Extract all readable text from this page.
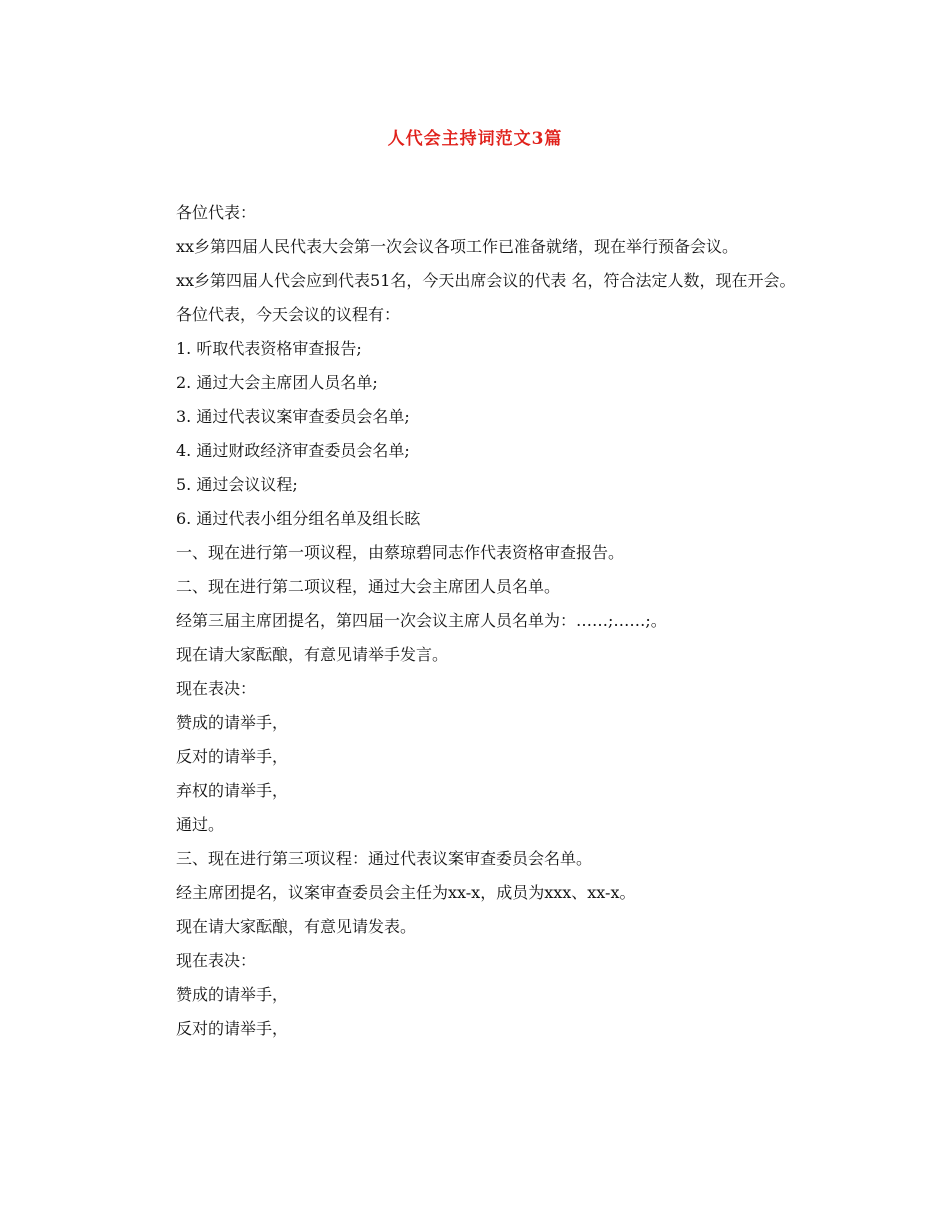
人代会主持词范文3篇

各位代表：

xx乡第四届人民代表大会第一次会议各项工作已准备就绪，现在举行预备会议。

xx乡第四届人代会应到代表51名，今天出席会议的代表 名，符合法定人数，现在开会。

各位代表，今天会议的议程有：

1. 听取代表资格审查报告;

2. 通过大会主席团人员名单;

3. 通过代表议案审查委员会名单;

4. 通过财政经济审查委员会名单;

5. 通过会议议程;

6. 通过代表小组分组名单及组长眩

一、现在进行第一项议程，由蔡琼碧同志作代表资格审查报告。

二、现在进行第二项议程，通过大会主席团人员名单。

经第三届主席团提名，第四届一次会议主席人员名单为：……;……;。

现在请大家酝酿，有意见请举手发言。

现在表决：

赞成的请举手，

反对的请举手，

弃权的请举手，

通过。

三、现在进行第三项议程：通过代表议案审查委员会名单。

经主席团提名，议案审查委员会主任为xx-x，成员为xxx、xx-x。

现在请大家酝酿，有意见请发表。

现在表决：

赞成的请举手，

反对的请举手，
